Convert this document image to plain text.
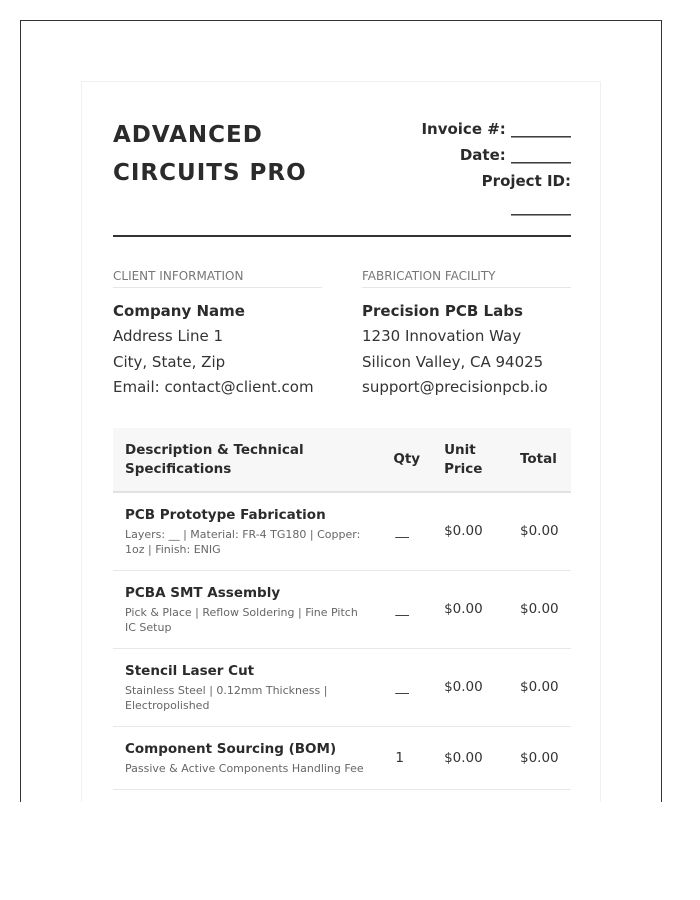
ADVANCED CIRCUITS PRO
Invoice #: ________
Date: ________
Project ID:
________
CLIENT INFORMATION
Company Name
Address Line 1
City, State, Zip
Email: contact@client.com
FABRICATION FACILITY
Precision PCB Labs
1230 Innovation Way
Silicon Valley, CA 94025
support@precisionpcb.io
Description & Technical Specifications	Qty	Unit Price	Total

PCB Prototype Fabrication
Layers: __ | Material: FR-4 TG180 | Copper: 1oz | Finish: ENIG	__	$0.00	$0.00

PCBA SMT Assembly
Pick & Place | Reflow Soldering | Fine Pitch IC Setup	__	$0.00	$0.00

Stencil Laser Cut
Stainless Steel | 0.12mm Thickness | Electropolished	__	$0.00	$0.00

Component Sourcing (BOM)
Passive & Active Components Handling Fee	1	$0.00	$0.00
